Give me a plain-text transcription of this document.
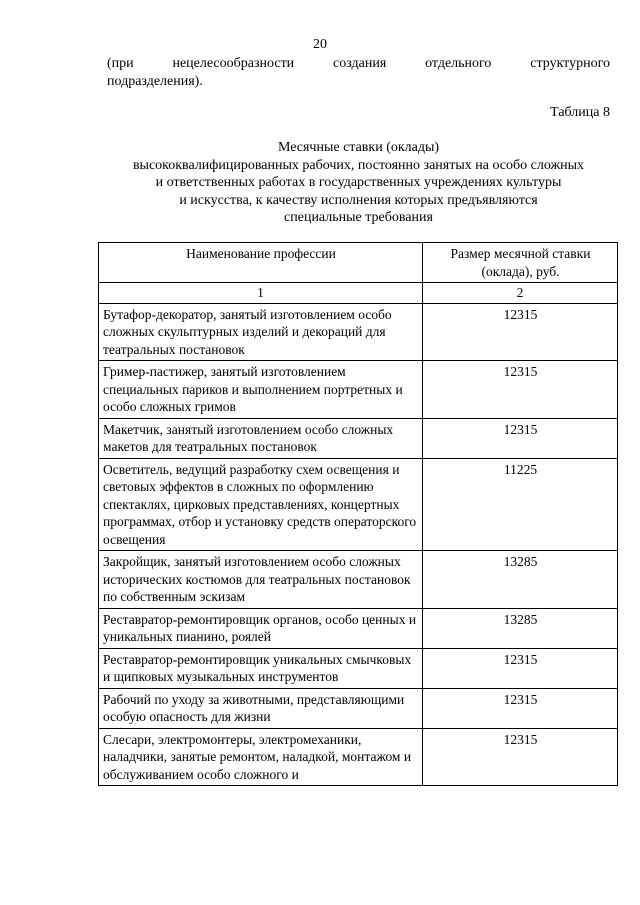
20
(при нецелесообразности создания отдельного структурного
подразделения).
Таблица 8
Месячные ставки (оклады)
высококвалифицированных рабочих, постоянно занятых на особо сложных
и ответственных работах в государственных учреждениях культуры
и искусства, к качеству исполнения которых предъявляются
специальные требования
Наименование профессии	Размер месячной ставки (оклада), руб.
1	2
Бутафор-декоратор, занятый изготовлением особо сложных скульптурных изделий и декораций для театральных постановок	12315
Гример-пастижер, занятый изготовлением специальных париков и выполнением портретных и особо сложных гримов	12315
Макетчик, занятый изготовлением особо сложных макетов для театральных постановок	12315
Осветитель, ведущий разработку схем освещения и световых эффектов в сложных по оформлению спектаклях, цирковых представлениях, концертных программах, отбор и установку средств операторского освещения	11225
Закройщик, занятый изготовлением особо сложных исторических костюмов для театральных постановок по собственным эскизам	13285
Реставратор-ремонтировщик органов, особо ценных и уникальных пианино, роялей	13285
Реставратор-ремонтировщик уникальных смычковых и щипковых музыкальных инструментов	12315
Рабочий по уходу за животными, представляющими особую опасность для жизни	12315
Слесари, электромонтеры, электромеханики, наладчики, занятые ремонтом, наладкой, монтажом и обслуживанием особо сложного и	12315
